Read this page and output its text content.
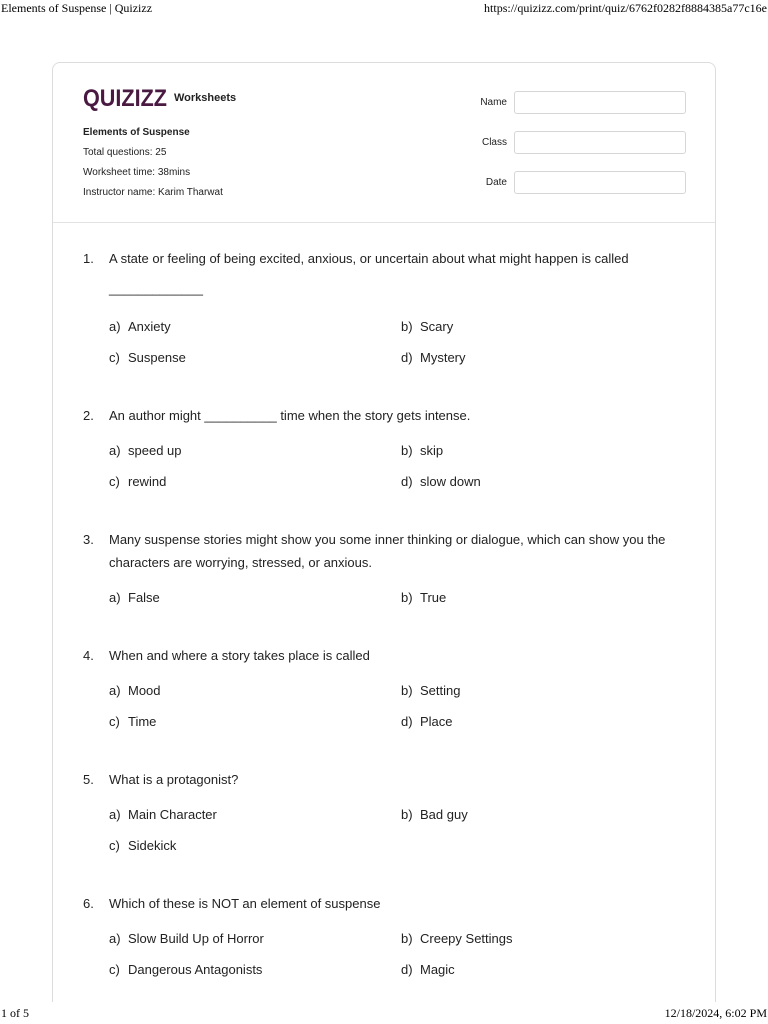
Elements of Suspense | Quizizz	https://quizizz.com/print/quiz/6762f0282f8884385a77c16e
QUIZIZZ Worksheets
Elements of Suspense
Total questions: 25
Worksheet time: 38mins
Instructor name: Karim Tharwat
Name
Class
Date
1.	A state or feeling of being excited, anxious, or uncertain about what might happen is called
_____________
a) Anxiety	b) Scary
c) Suspense	d) Mystery
2.	An author might __________ time when the story gets intense.
a) speed up	b) skip
c) rewind	d) slow down
3.	Many suspense stories might show you some inner thinking or dialogue, which can show you the characters are worrying, stressed, or anxious.
a) False	b) True
4.	When and where a story takes place is called
a) Mood	b) Setting
c) Time	d) Place
5.	What is a protagonist?
a) Main Character	b) Bad guy
c) Sidekick
6.	Which of these is NOT an element of suspense
a) Slow Build Up of Horror	b) Creepy Settings
c) Dangerous Antagonists	d) Magic
1 of 5	12/18/2024, 6:02 PM
